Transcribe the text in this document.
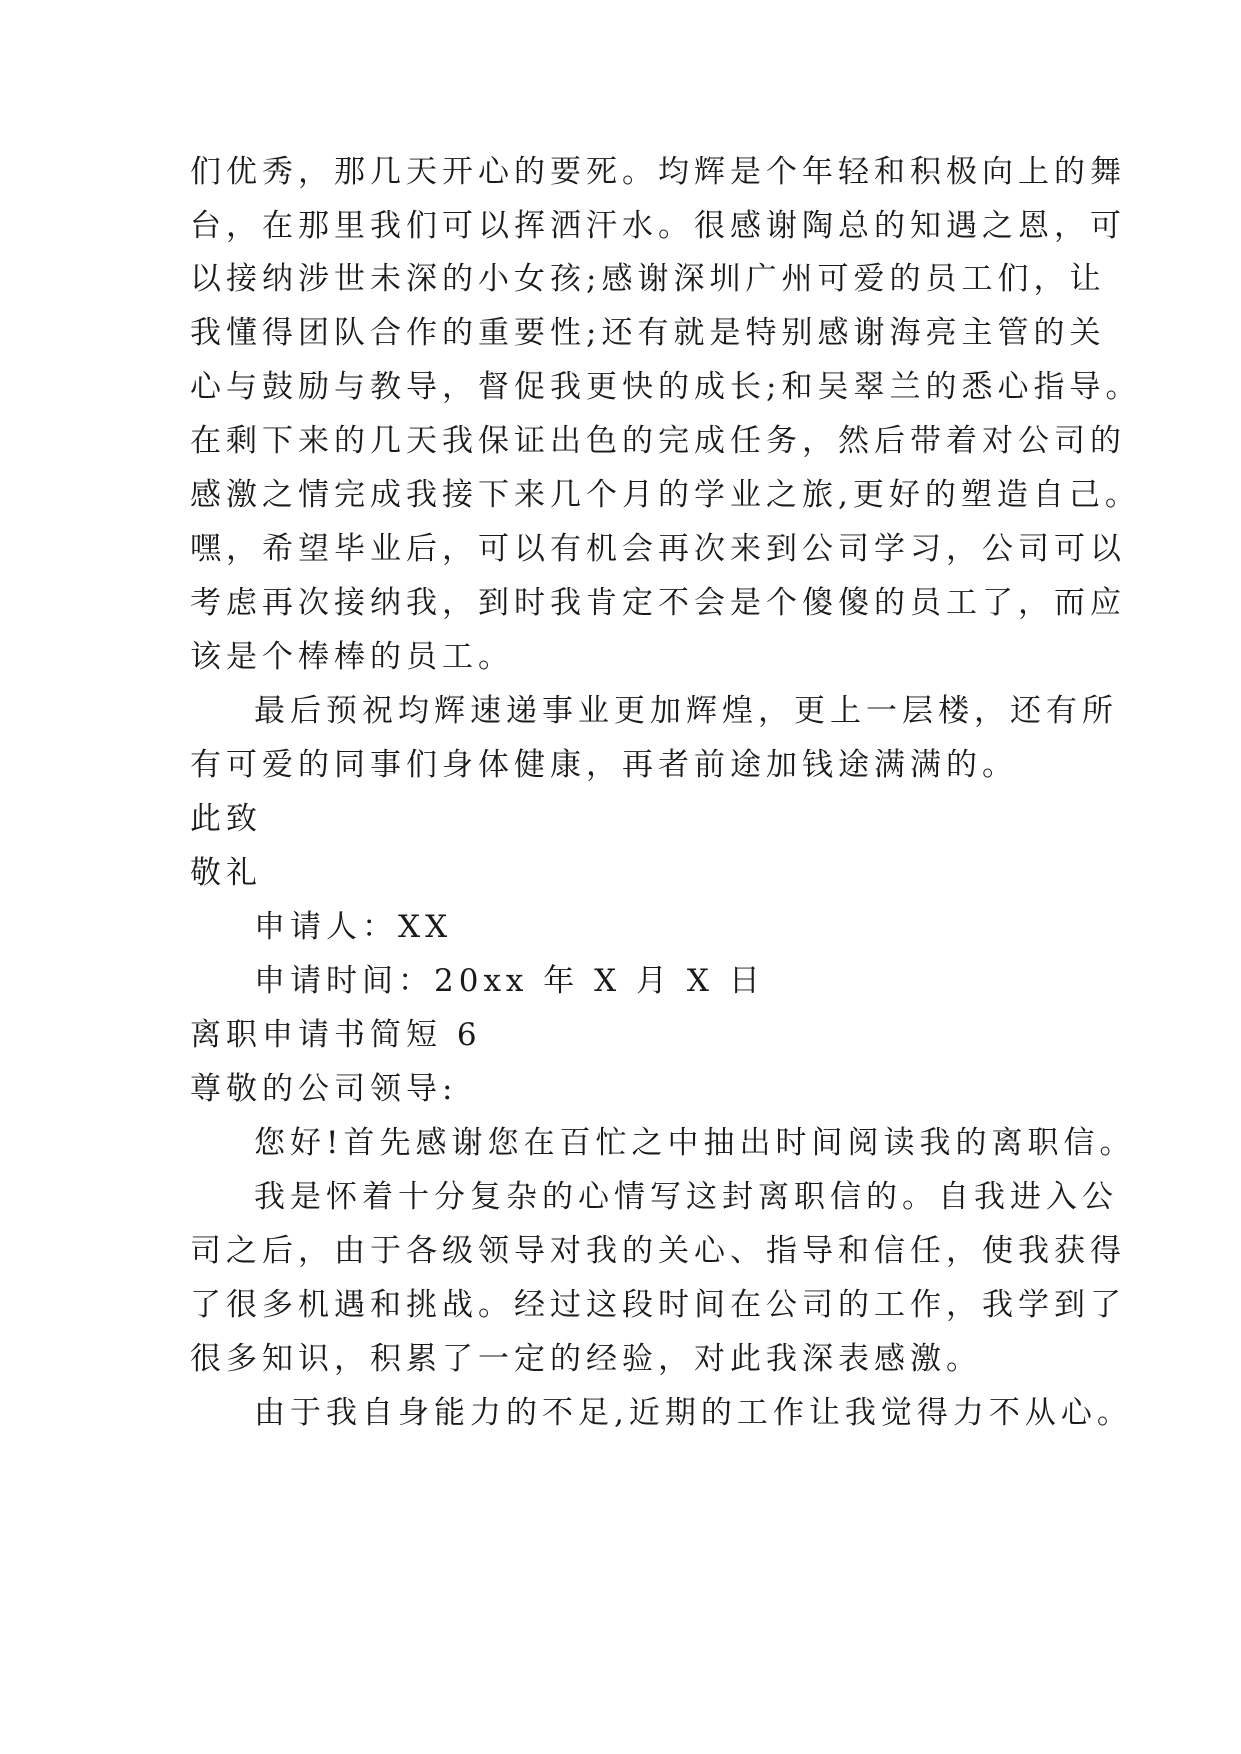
们优秀，那几天开心的要死。均辉是个年轻和积极向上的舞

台，在那里我们可以挥洒汗水。很感谢陶总的知遇之恩，可

以接纳涉世未深的小女孩;感谢深圳广州可爱的员工们，让

我懂得团队合作的重要性;还有就是特别感谢海亮主管的关

心与鼓励与教导，督促我更快的成长;和吴翠兰的悉心指导。

在剩下来的几天我保证出色的完成任务，然后带着对公司的

感激之情完成我接下来几个月的学业之旅,更好的塑造自己。

嘿，希望毕业后，可以有机会再次来到公司学习，公司可以

考虑再次接纳我，到时我肯定不会是个傻傻的员工了，而应

该是个棒棒的员工。

最后预祝均辉速递事业更加辉煌，更上一层楼，还有所

有可爱的同事们身体健康，再者前途加钱途满满的。

此致

敬礼

申请人：XX

申请时间：20xx 年 X 月 X 日

离职申请书简短 6

尊敬的公司领导:

您好!首先感谢您在百忙之中抽出时间阅读我的离职信。

我是怀着十分复杂的心情写这封离职信的。自我进入公

司之后，由于各级领导对我的关心、指导和信任，使我获得

了很多机遇和挑战。经过这段时间在公司的工作，我学到了

很多知识，积累了一定的经验，对此我深表感激。

由于我自身能力的不足,近期的工作让我觉得力不从心。
